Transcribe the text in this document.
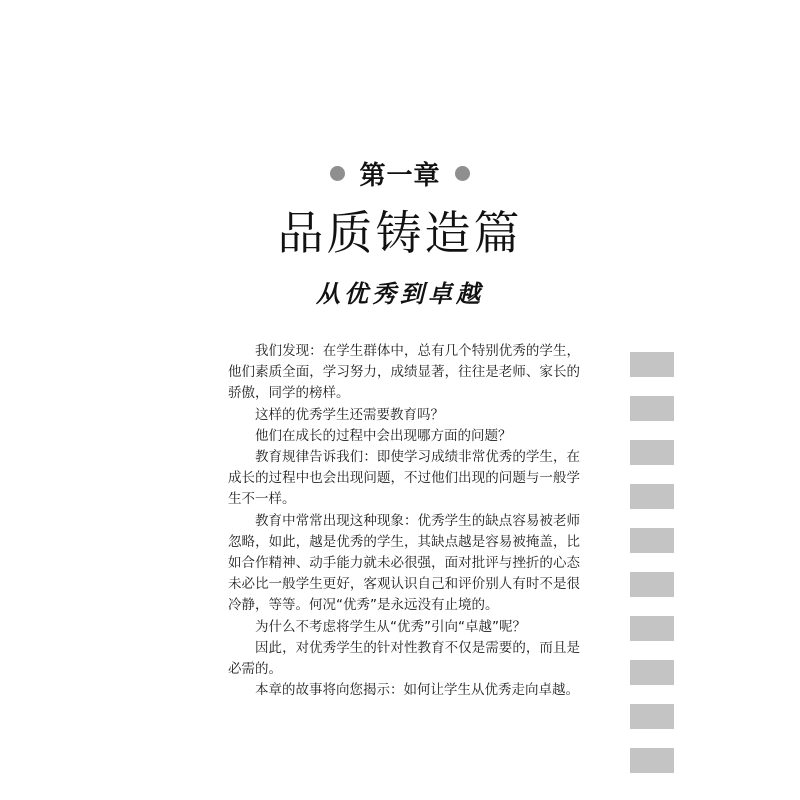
第一章
品质铸造篇
从优秀到卓越

我们发现：在学生群体中，总有几个特别优秀的学生，他们素质全面，学习努力，成绩显著，往往是老师、家长的骄傲，同学的榜样。

这样的优秀学生还需要教育吗？

他们在成长的过程中会出现哪方面的问题？

教育规律告诉我们：即使学习成绩非常优秀的学生，在成长的过程中也会出现问题，不过他们出现的问题与一般学生不一样。

教育中常常出现这种现象：优秀学生的缺点容易被老师忽略，如此，越是优秀的学生，其缺点越是容易被掩盖，比如合作精神、动手能力就未必很强，面对批评与挫折的心态未必比一般学生更好，客观认识自己和评价别人有时不是很冷静，等等。何况“优秀”是永远没有止境的。

为什么不考虑将学生从“优秀”引向“卓越”呢？

因此，对优秀学生的针对性教育不仅是需要的，而且是必需的。

本章的故事将向您揭示：如何让学生从优秀走向卓越。
